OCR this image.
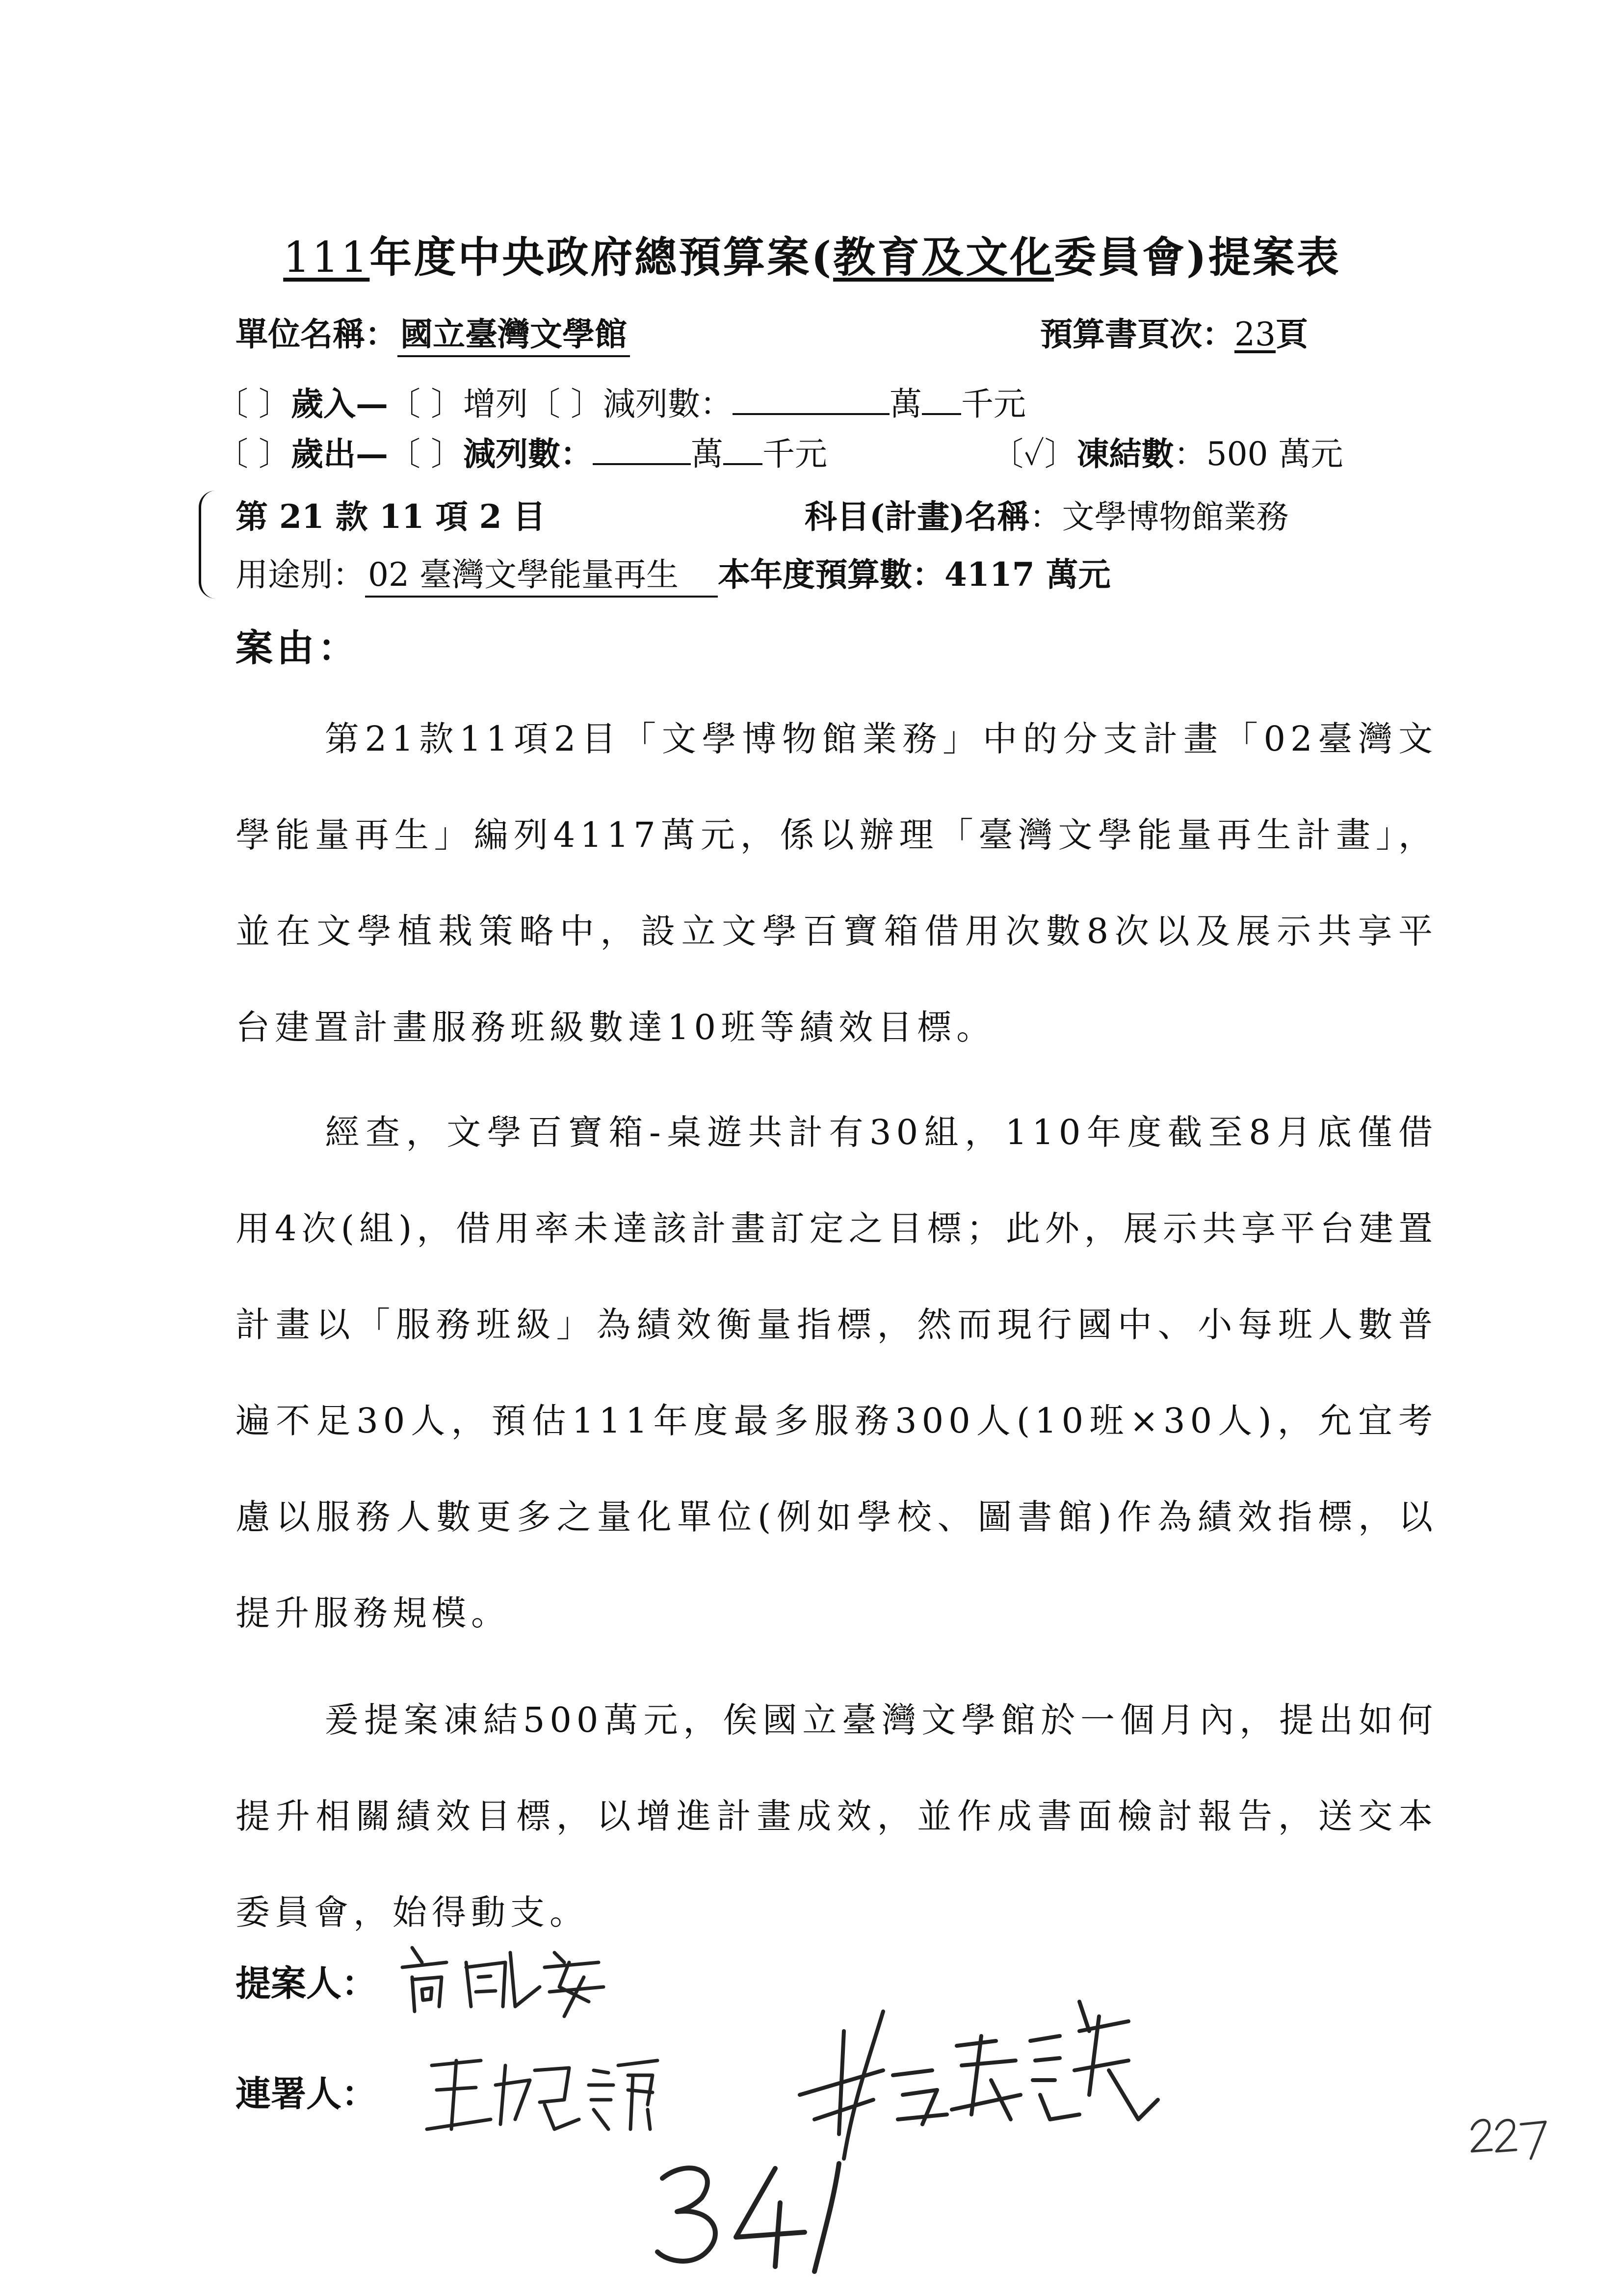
111年度中央政府總預算案(教育及文化委員會)提案表
單位名稱：國立臺灣文學館	預算書頁次：23頁
〔 〕歲入—〔 〕增列〔 〕減列數：	萬 千元
〔 〕歲出—〔 〕減列數：	萬 千元	〔✓〕凍結數：500 萬元
第 21 款 11 項 2 目	科目(計畫)名稱：文學博物館業務
用途別：02 臺灣文學能量再生 本年度預算數：4117 萬元
案由：
第21款11項2目「文學博物館業務」中的分支計畫「02臺灣文學能量再生」編列4117萬元，係以辦理「臺灣文學能量再生計畫」，並在文學植栽策略中，設立文學百寶箱借用次數8次以及展示共享平台建置計畫服務班級數達10班等績效目標。
經查，文學百寶箱-桌遊共計有30組，110年度截至8月底僅借用4次(組)，借用率未達該計畫訂定之目標；此外，展示共享平台建置計畫以「服務班級」為績效衡量指標，然而現行國中、小每班人數普遍不足30人，預估111年度最多服務300人(10班×30人)，允宜考慮以服務人數更多之量化單位(例如學校、圖書館)作為績效指標，以提升服務規模。
爰提案凍結500萬元，俟國立臺灣文學館於一個月內，提出如何提升相關績效目標，以增進計畫成效，並作成書面檢討報告，送交本委員會，始得動支。
提案人：
連署人：
